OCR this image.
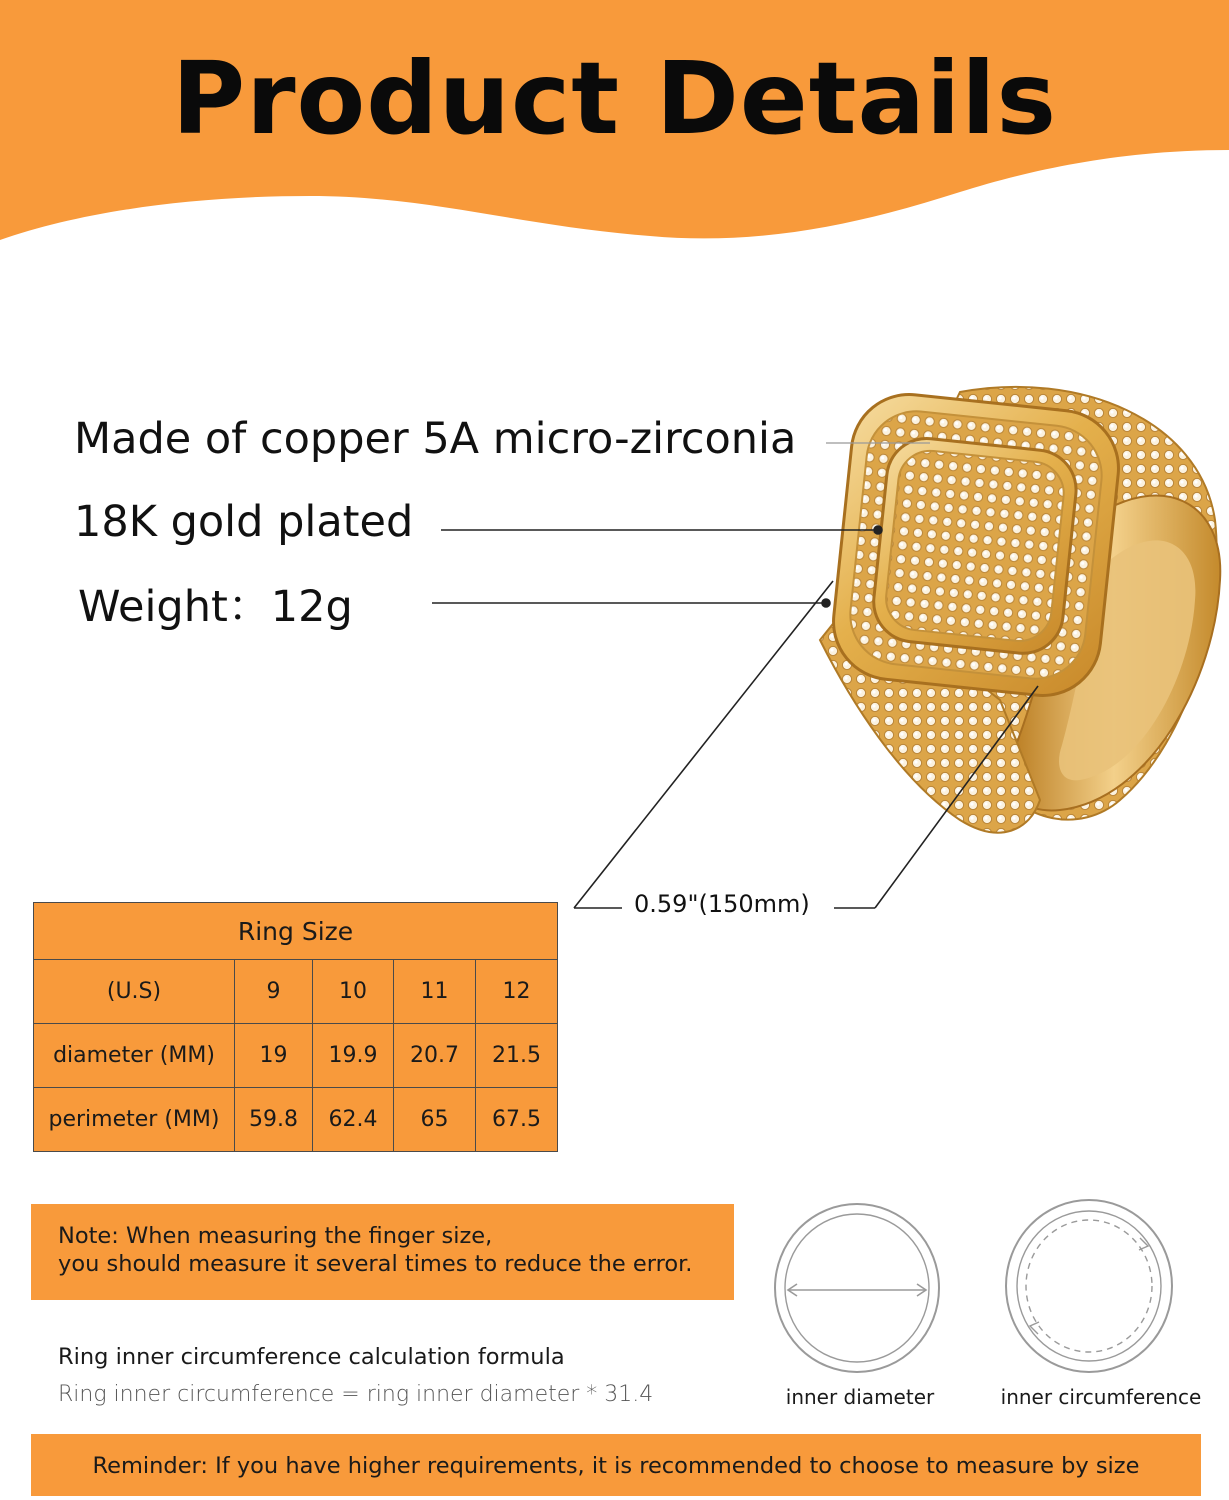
Product Details
Made of copper 5A micro-zirconia
18K gold plated
Weight：12g
0.59"(150mm)
Ring Size				
(U.S)	9	10	11	12
diameter (MM)	19	19.9	20.7	21.5
perimeter (MM)	59.8	62.4	65	67.5
Note: When measuring the finger size,
you should measure it several times to reduce the error.
Ring inner circumference calculation formula
Ring inner circumference = ring inner diameter * 31.4	inner diameter	inner circumference
Reminder: If you have higher requirements, it is recommended to choose to measure by size
